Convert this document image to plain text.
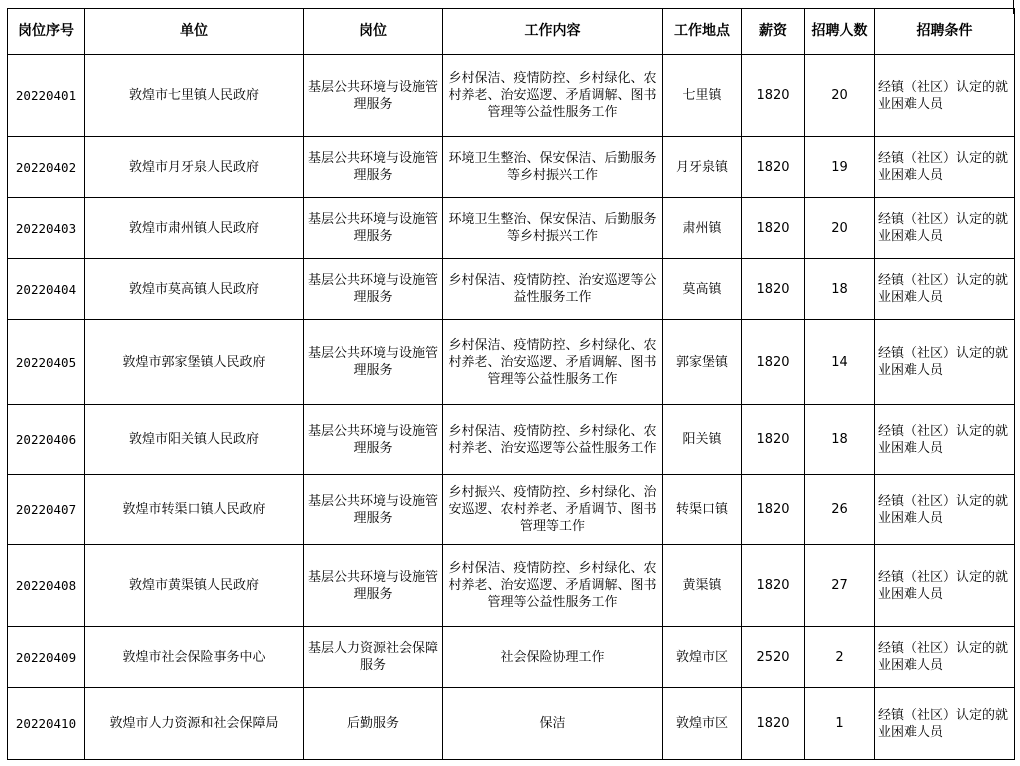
岗位序号	单位	岗位	工作内容	工作地点	薪资	招聘人数	招聘条件
20220401	敦煌市七里镇人民政府	基层公共环境与设施管理服务	乡村保洁、疫情防控、乡村绿化、农村养老、治安巡逻、矛盾调解、图书管理等公益性服务工作	七里镇	1820	20	经镇（社区）认定的就业困难人员
20220402	敦煌市月牙泉人民政府	基层公共环境与设施管理服务	环境卫生整治、保安保洁、后勤服务等乡村振兴工作	月牙泉镇	1820	19	经镇（社区）认定的就业困难人员
20220403	敦煌市肃州镇人民政府	基层公共环境与设施管理服务	环境卫生整治、保安保洁、后勤服务等乡村振兴工作	肃州镇	1820	20	经镇（社区）认定的就业困难人员
20220404	敦煌市莫高镇人民政府	基层公共环境与设施管理服务	乡村保洁、疫情防控、治安巡逻等公益性服务工作	莫高镇	1820	18	经镇（社区）认定的就业困难人员
20220405	敦煌市郭家堡镇人民政府	基层公共环境与设施管理服务	乡村保洁、疫情防控、乡村绿化、农村养老、治安巡逻、矛盾调解、图书管理等公益性服务工作	郭家堡镇	1820	14	经镇（社区）认定的就业困难人员
20220406	敦煌市阳关镇人民政府	基层公共环境与设施管理服务	乡村保洁、疫情防控、乡村绿化、农村养老、治安巡逻等公益性服务工作	阳关镇	1820	18	经镇（社区）认定的就业困难人员
20220407	敦煌市转渠口镇人民政府	基层公共环境与设施管理服务	乡村振兴、疫情防控、乡村绿化、治安巡逻、农村养老、矛盾调节、图书管理等工作	转渠口镇	1820	26	经镇（社区）认定的就业困难人员
20220408	敦煌市黄渠镇人民政府	基层公共环境与设施管理服务	乡村保洁、疫情防控、乡村绿化、农村养老、治安巡逻、矛盾调解、图书管理等公益性服务工作	黄渠镇	1820	27	经镇（社区）认定的就业困难人员
20220409	敦煌市社会保险事务中心	基层人力资源社会保障服务	社会保险协理工作	敦煌市区	2520	2	经镇（社区）认定的就业困难人员
20220410	敦煌市人力资源和社会保障局	后勤服务	保洁	敦煌市区	1820	1	经镇（社区）认定的就业困难人员
